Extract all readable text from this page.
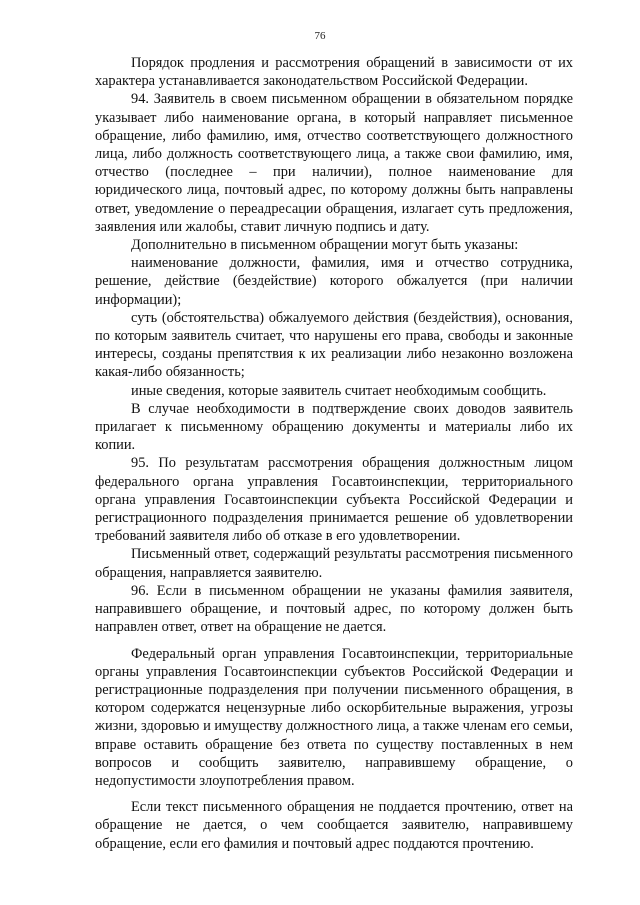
76

Порядок продления и рассмотрения обращений в зависимости от их характера устанавливается законодательством Российской Федерации.

94. Заявитель в своем письменном обращении в обязательном порядке указывает либо наименование органа, в который направляет письменное обращение, либо фамилию, имя, отчество соответствующего должностного лица, либо должность соответствующего лица, а также свои фамилию, имя, отчество (последнее – при наличии), полное наименование для юридического лица, почтовый адрес, по которому должны быть направлены ответ, уведомление о переадресации обращения, излагает суть предложения, заявления или жалобы, ставит личную подпись и дату.

Дополнительно в письменном обращении могут быть указаны:

наименование должности, фамилия, имя и отчество сотрудника, решение, действие (бездействие) которого обжалуется (при наличии информации);

суть (обстоятельства) обжалуемого действия (бездействия), основания, по которым заявитель считает, что нарушены его права, свободы и законные интересы, созданы препятствия к их реализации либо незаконно возложена какая-либо обязанность;

иные сведения, которые заявитель считает необходимым сообщить.

В случае необходимости в подтверждение своих доводов заявитель прилагает к письменному обращению документы и материалы либо их копии.

95. По результатам рассмотрения обращения должностным лицом федерального органа управления Госавтоинспекции, территориального органа управления Госавтоинспекции субъекта Российской Федерации и регистрационного подразделения принимается решение об удовлетворении требований заявителя либо об отказе в его удовлетворении.

Письменный ответ, содержащий результаты рассмотрения письменного обращения, направляется заявителю.

96. Если в письменном обращении не указаны фамилия заявителя, направившего обращение, и почтовый адрес, по которому должен быть направлен ответ, ответ на обращение не дается.

Федеральный орган управления Госавтоинспекции, территориальные органы управления Госавтоинспекции субъектов Российской Федерации и регистрационные подразделения при получении письменного обращения, в котором содержатся нецензурные либо оскорбительные выражения, угрозы жизни, здоровью и имуществу должностного лица, а также членам его семьи, вправе оставить обращение без ответа по существу поставленных в нем вопросов и сообщить заявителю, направившему обращение, о недопустимости злоупотребления правом.

Если текст письменного обращения не поддается прочтению, ответ на обращение не дается, о чем сообщается заявителю, направившему обращение, если его фамилия и почтовый адрес поддаются прочтению.
